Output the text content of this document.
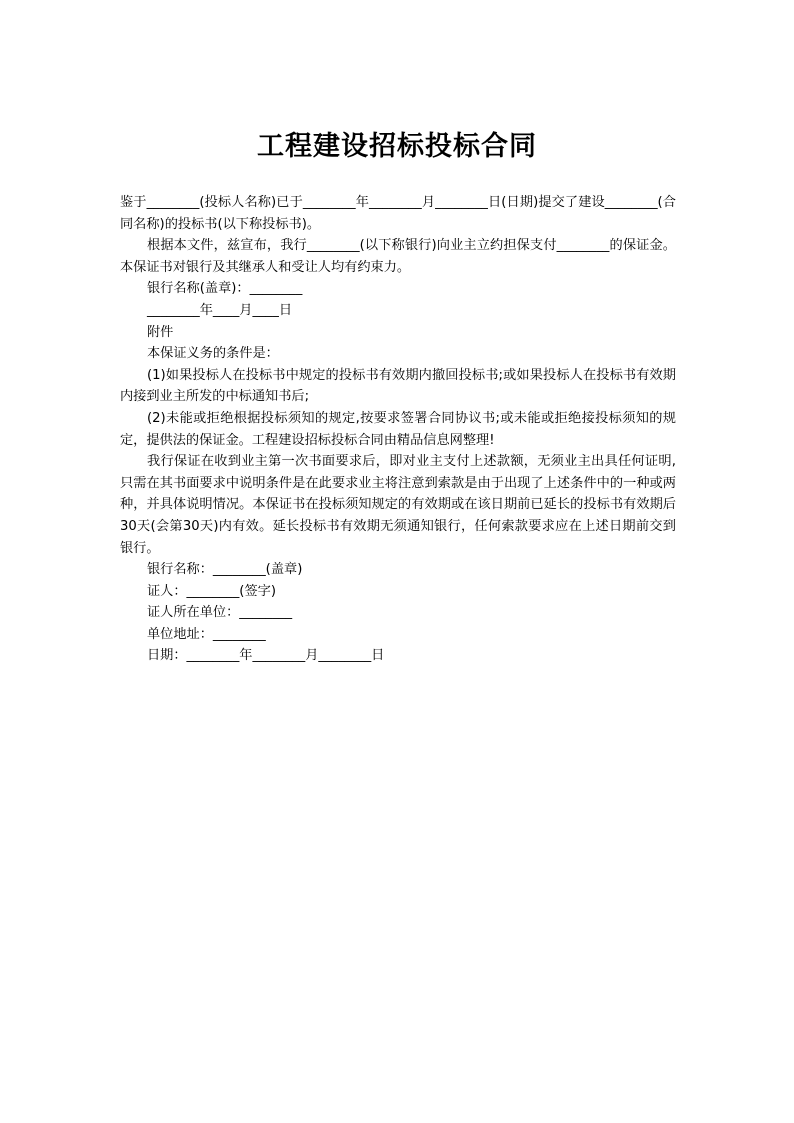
工程建设招标投标合同

鉴于________(投标人名称)已于________年________月________日(日期)提交了建设________(合同名称)的投标书(以下称投标书)。

根据本文件，兹宣布，我行________(以下称银行)向业主立约担保支付________的保证金。本保证书对银行及其继承人和受让人均有约束力。

银行名称(盖章)：________

________年____月____日

附件

本保证义务的条件是：

(1)如果投标人在投标书中规定的投标书有效期内撤回投标书;或如果投标人在投标书有效期内接到业主所发的中标通知书后;

(2)未能或拒绝根据投标须知的规定,按要求签署合同协议书;或未能或拒绝接投标须知的规定，提供法的保证金。工程建设招标投标合同由精品信息网整理!

我行保证在收到业主第一次书面要求后，即对业主支付上述款额，无须业主出具任何证明,只需在其书面要求中说明条件是在此要求业主将注意到索款是由于出现了上述条件中的一种或两种，并具体说明情况。本保证书在投标须知规定的有效期或在该日期前已延长的投标书有效期后30天(会第30天)内有效。延长投标书有效期无须通知银行，任何索款要求应在上述日期前交到银行。

银行名称：________(盖章)

证人：________(签字)

证人所在单位：________

单位地址：________

日期：________年________月________日
